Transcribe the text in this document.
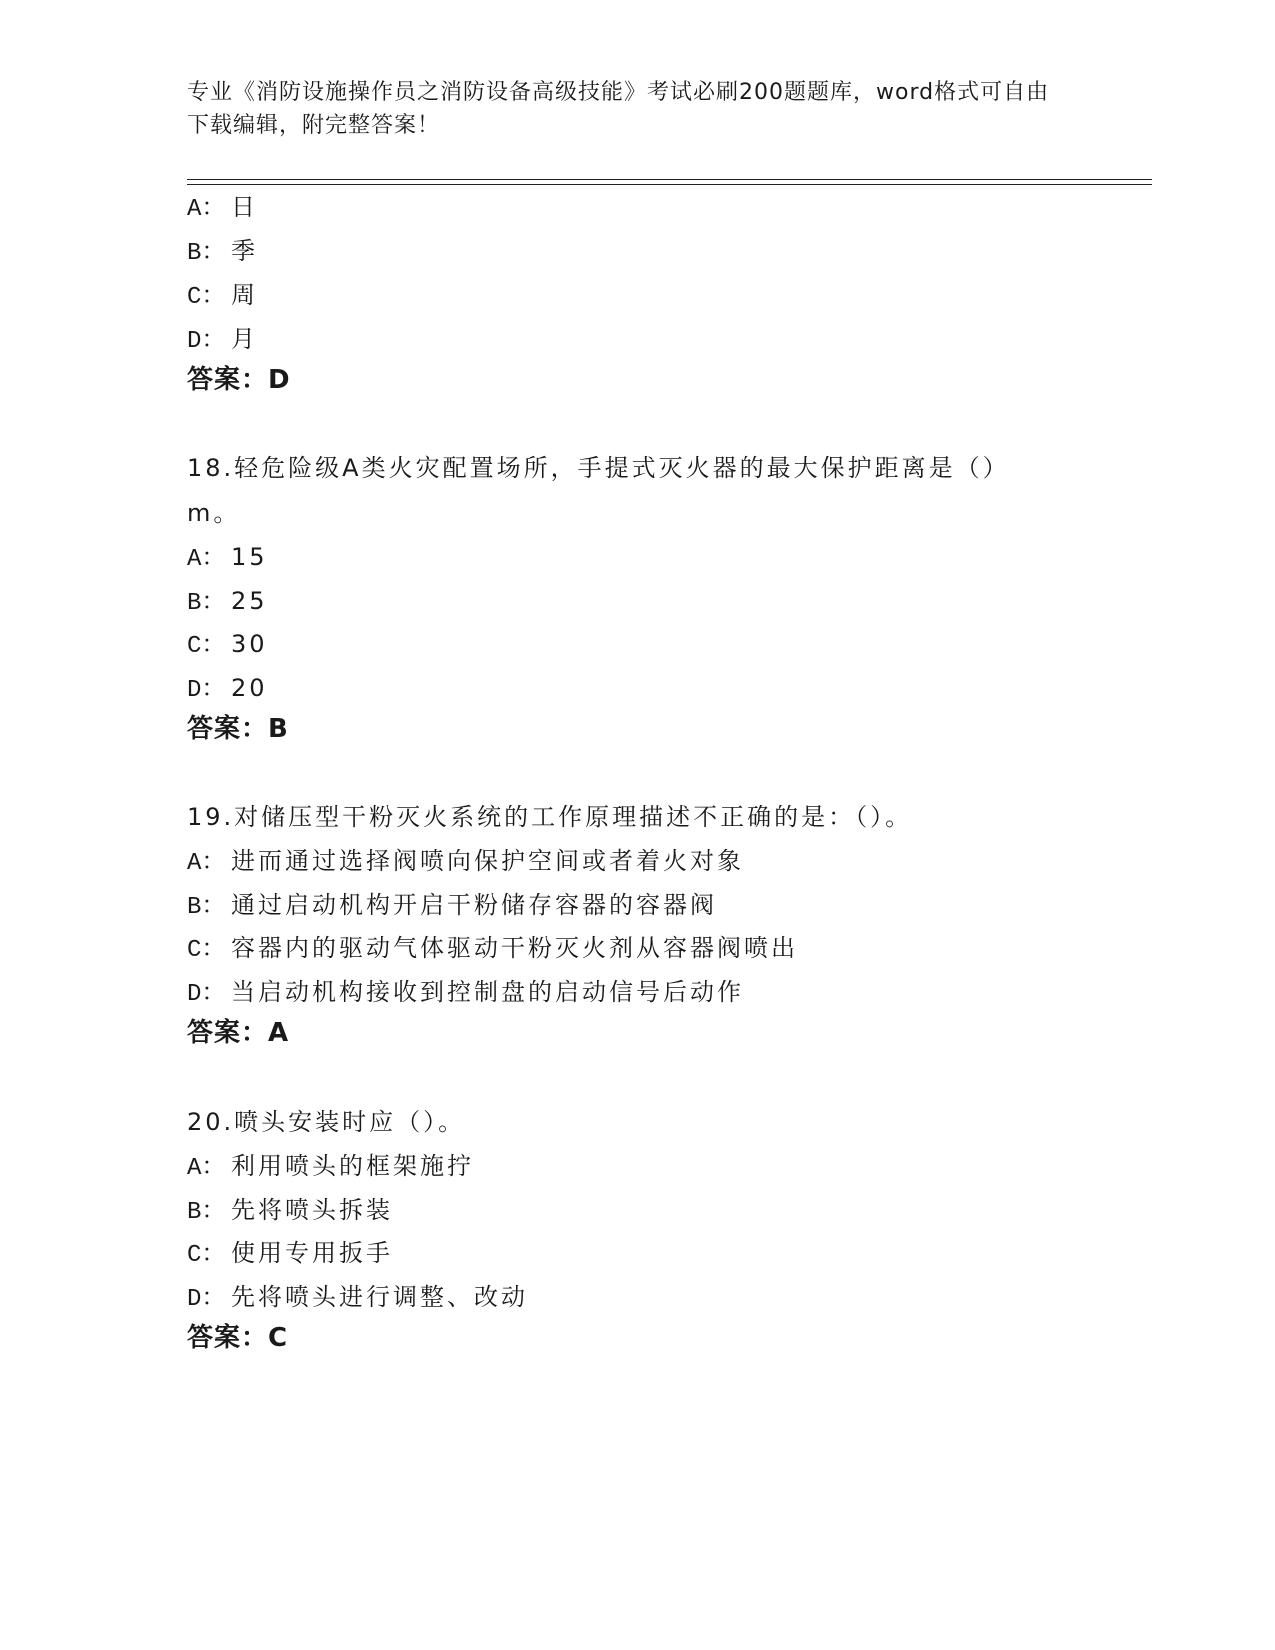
专业《消防设施操作员之消防设备高级技能》考试必刷200题题库，word格式可自由下载编辑，附完整答案！
A： 日
B： 季
C： 周
D： 月
答案：D
18.轻危险级A类火灾配置场所，手提式灭火器的最大保护距离是（）
m。
A： 15
B： 25
C： 30
D： 20
答案：B
19.对储压型干粉灭火系统的工作原理描述不正确的是：（）。
A： 进而通过选择阀喷向保护空间或者着火对象
B： 通过启动机构开启干粉储存容器的容器阀
C： 容器内的驱动气体驱动干粉灭火剂从容器阀喷出
D： 当启动机构接收到控制盘的启动信号后动作
答案：A
20.喷头安装时应（）。
A： 利用喷头的框架施拧
B： 先将喷头拆装
C： 使用专用扳手
D： 先将喷头进行调整、改动
答案：C
